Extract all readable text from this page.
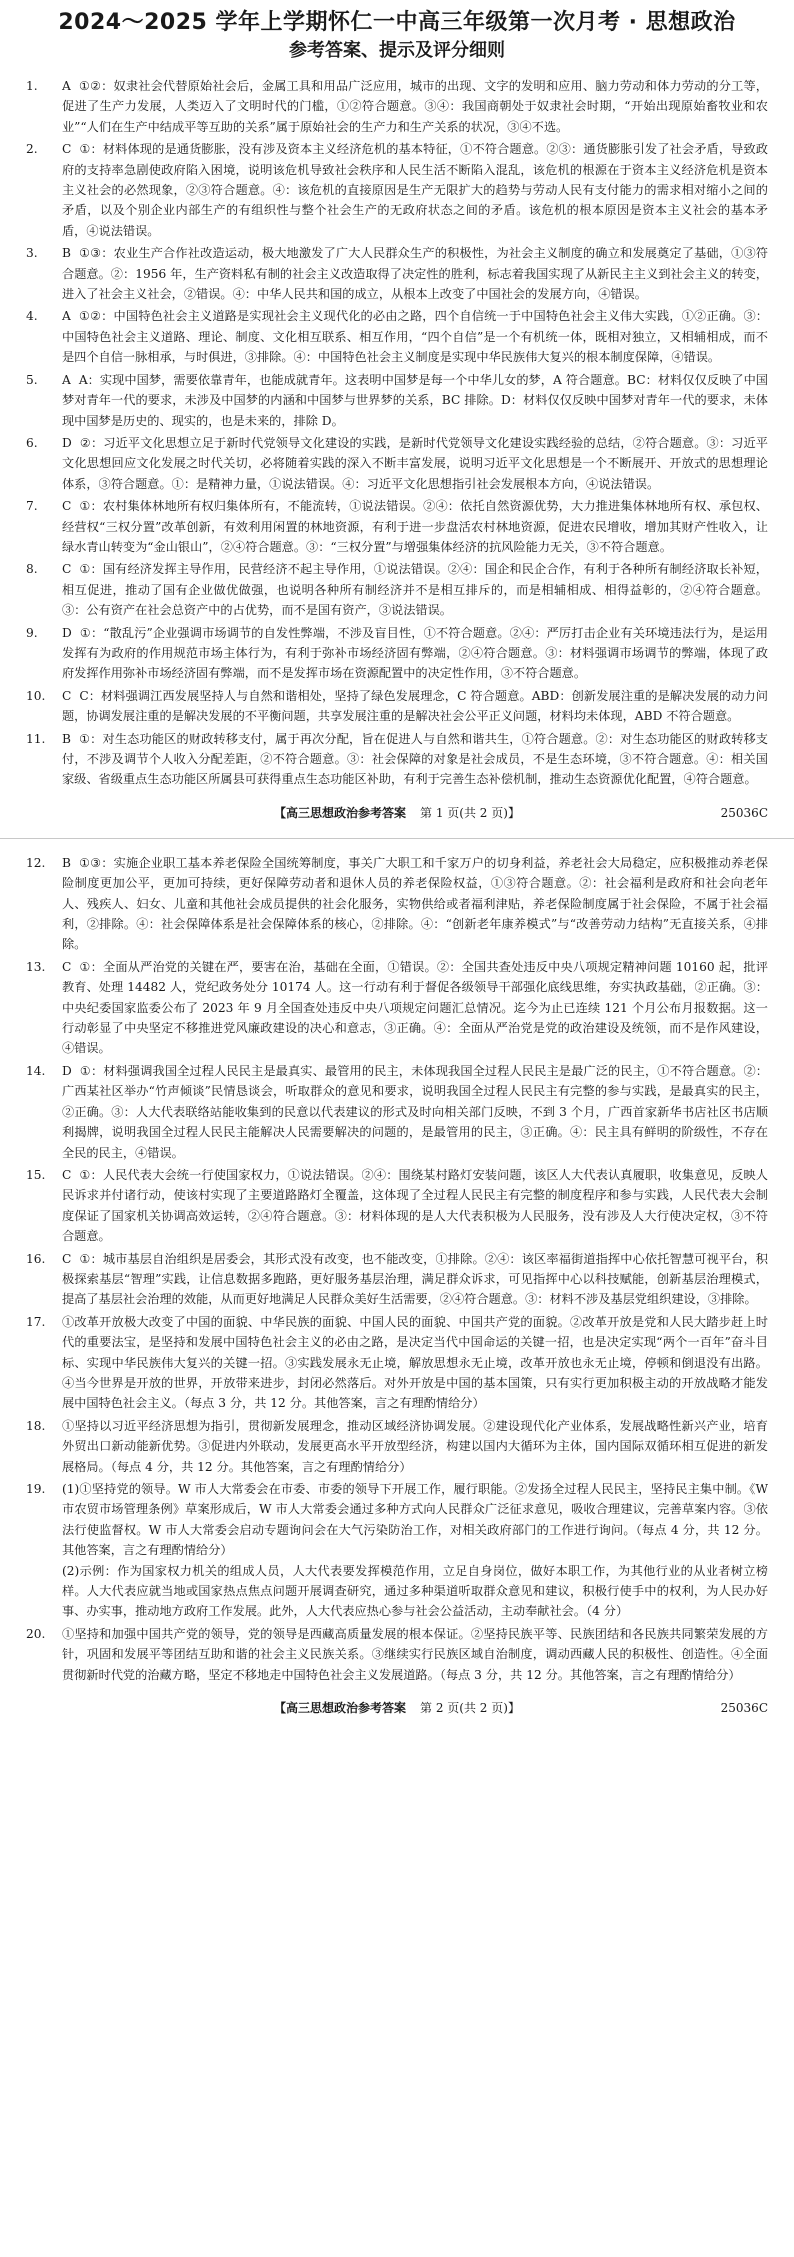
2024～2025 学年上学期怀仁一中高三年级第一次月考 · 思想政治
参考答案、提示及评分细则
1.	A ①②：奴隶社会代替原始社会后，金属工具和用品广泛应用，城市的出现、文字的发明和应用、脑力劳动和体力劳动的分工等，促进了生产力发展，人类迈入了文明时代的门槛，①②符合题意。③④：我国商朝处于奴隶社会时期，“开始出现原始畜牧业和农业”“人们在生产中结成平等互助的关系”属于原始社会的生产力和生产关系的状况，③④不选。
2.	C ①：材料体现的是通货膨胀，没有涉及资本主义经济危机的基本特征，①不符合题意。②③：通货膨胀引发了社会矛盾，导致政府的支持率急剧使政府陷入困境，说明该危机导致社会秩序和人民生活不断陷入混乱，该危机的根源在于资本主义经济危机是资本主义社会的必然现象，②③符合题意。④：该危机的直接原因是生产无限扩大的趋势与劳动人民有支付能力的需求相对缩小之间的矛盾，以及个别企业内部生产的有组织性与整个社会生产的无政府状态之间的矛盾。该危机的根本原因是资本主义社会的基本矛盾，④说法错误。
3.	B ①③：农业生产合作社改造运动，极大地激发了广大人民群众生产的积极性，为社会主义制度的确立和发展奠定了基础，①③符合题意。②：1956 年，生产资料私有制的社会主义改造取得了决定性的胜利，标志着我国实现了从新民主主义到社会主义的转变，进入了社会主义社会，②错误。④：中华人民共和国的成立，从根本上改变了中国社会的发展方向，④错误。
4.	A ①②：中国特色社会主义道路是实现社会主义现代化的必由之路，四个自信统一于中国特色社会主义伟大实践，①②正确。③：中国特色社会主义道路、理论、制度、文化相互联系、相互作用，“四个自信”是一个有机统一体，既相对独立，又相辅相成，而不是四个自信一脉相承，与时俱进，③排除。④：中国特色社会主义制度是实现中华民族伟大复兴的根本制度保障，④错误。
5.	A A：实现中国梦，需要依靠青年，也能成就青年。这表明中国梦是每一个中华儿女的梦，A 符合题意。BC：材料仅仅反映了中国梦对青年一代的要求，未涉及中国梦的内涵和中国梦与世界梦的关系，BC 排除。D：材料仅仅反映中国梦对青年一代的要求，未体现中国梦是历史的、现实的，也是未来的，排除 D。
6.	D ②：习近平文化思想立足于新时代党领导文化建设的实践，是新时代党领导文化建设实践经验的总结，②符合题意。③：习近平文化思想回应文化发展之时代关切，必将随着实践的深入不断丰富发展，说明习近平文化思想是一个不断展开、开放式的思想理论体系，③符合题意。①：是精神力量，①说法错误。④：习近平文化思想指引社会发展根本方向，④说法错误。
7.	C ①：农村集体林地所有权归集体所有，不能流转，①说法错误。②④：依托自然资源优势，大力推进集体林地所有权、承包权、经营权“三权分置”改革创新，有效利用闲置的林地资源，有利于进一步盘活农村林地资源，促进农民增收，增加其财产性收入，让绿水青山转变为“金山银山”，②④符合题意。③：“三权分置”与增强集体经济的抗风险能力无关，③不符合题意。
8.	C ①：国有经济发挥主导作用，民营经济不起主导作用，①说法错误。②④：国企和民企合作，有利于各种所有制经济取长补短，相互促进，推动了国有企业做优做强，也说明各种所有制经济并不是相互排斥的，而是相辅相成、相得益彰的，②④符合题意。③：公有资产在社会总资产中的占优势，而不是国有资产，③说法错误。
9.	D ①：“散乱污”企业强调市场调节的自发性弊端，不涉及盲目性，①不符合题意。②④：严厉打击企业有关环境违法行为，是运用发挥有为政府的作用规范市场主体行为，有利于弥补市场经济固有弊端，②④符合题意。③：材料强调市场调节的弊端，体现了政府发挥作用弥补市场经济固有弊端，而不是发挥市场在资源配置中的决定性作用，③不符合题意。
10.	C C：材料强调江西发展坚持人与自然和谐相处，坚持了绿色发展理念，C 符合题意。ABD：创新发展注重的是解决发展的动力问题，协调发展注重的是解决发展的不平衡问题，共享发展注重的是解决社会公平正义问题，材料均未体现，ABD 不符合题意。
11.	B ①：对生态功能区的财政转移支付，属于再次分配，旨在促进人与自然和谐共生，①符合题意。②：对生态功能区的财政转移支付，不涉及调节个人收入分配差距，②不符合题意。③：社会保障的对象是社会成员，不是生态环境，③不符合题意。④：相关国家级、省级重点生态功能区所属县可获得重点生态功能区补助，有利于完善生态补偿机制，推动生态资源优化配置，④符合题意。
【高三思想政治参考答案 第 1 页(共 2 页)】	25036C
12.	B ①③：实施企业职工基本养老保险全国统筹制度，事关广大职工和千家万户的切身利益，养老社会大局稳定，应积极推动养老保险制度更加公平，更加可持续，更好保障劳动者和退休人员的养老保险权益，①③符合题意。②：社会福利是政府和社会向老年人、残疾人、妇女、儿童和其他社会成员提供的社会化服务，实物供给或者福利津贴，养老保险制度属于社会保险，不属于社会福利，②排除。④：社会保障体系是社会保障体系的核心，②排除。④：“创新老年康养模式”与“改善劳动力结构”无直接关系，④排除。
13.	C ①：全面从严治党的关键在严，要害在治，基础在全面，①错误。②：全国共查处违反中央八项规定精神问题 10160 起，批评教育、处理 14482 人，党纪政务处分 10174 人。这一行动有利于督促各级领导干部强化底线思维，夯实执政基础，②正确。③：中央纪委国家监委公布了 2023 年 9 月全国查处违反中央八项规定问题汇总情况。迄今为止已连续 121 个月公布月报数据。这一行动彰显了中央坚定不移推进党风廉政建设的决心和意志，③正确。④：全面从严治党是党的政治建设及统领，而不是作风建设，④错误。
14.	D ①：材料强调我国全过程人民民主是最真实、最管用的民主，未体现我国全过程人民民主是最广泛的民主，①不符合题意。②：广西某社区举办“竹声倾谈”民情恳谈会，听取群众的意见和要求，说明我国全过程人民民主有完整的参与实践，是最真实的民主，②正确。③：人大代表联络站能收集到的民意以代表建议的形式及时向相关部门反映，不到 3 个月，广西首家新华书店社区书店顺利揭牌，说明我国全过程人民民主能解决人民需要解决的问题的，是最管用的民主，③正确。④：民主具有鲜明的阶级性，不存在全民的民主，④错误。
15.	C ①：人民代表大会统一行使国家权力，①说法错误。②④：围绕某村路灯安装问题，该区人大代表认真履职，收集意见，反映人民诉求并付诸行动，使该村实现了主要道路路灯全覆盖，这体现了全过程人民民主有完整的制度程序和参与实践，人民代表大会制度保证了国家机关协调高效运转，②④符合题意。③：材料体现的是人大代表积极为人民服务，没有涉及人大行使决定权，③不符合题意。
16.	C ①：城市基层自治组织是居委会，其形式没有改变，也不能改变，①排除。②④：该区率福街道指挥中心依托智慧可视平台，积极探索基层“智理”实践，让信息数据多跑路，更好服务基层治理，满足群众诉求，可见指挥中心以科技赋能，创新基层治理模式，提高了基层社会治理的效能，从而更好地满足人民群众美好生活需要，②④符合题意。③：材料不涉及基层党组织建设，③排除。
17.	①改革开放极大改变了中国的面貌、中华民族的面貌、中国人民的面貌、中国共产党的面貌。②改革开放是党和人民大踏步赶上时代的重要法宝，是坚持和发展中国特色社会主义的必由之路，是决定当代中国命运的关键一招，也是决定实现“两个一百年”奋斗目标、实现中华民族伟大复兴的关键一招。③实践发展永无止境，解放思想永无止境，改革开放也永无止境，停顿和倒退没有出路。④当今世界是开放的世界，开放带来进步，封闭必然落后。对外开放是中国的基本国策，只有实行更加积极主动的开放战略才能发展中国特色社会主义。（每点 3 分，共 12 分。其他答案，言之有理酌情给分）
18.	①坚持以习近平经济思想为指引，贯彻新发展理念，推动区域经济协调发展。②建设现代化产业体系，发展战略性新兴产业，培育外贸出口新动能新优势。③促进内外联动，发展更高水平开放型经济，构建以国内大循环为主体，国内国际双循环相互促进的新发展格局。（每点 4 分，共 12 分。其他答案，言之有理酌情给分）
19.	(1)①坚持党的领导。W 市人大常委会在市委、市委的领导下开展工作，履行职能。②发扬全过程人民民主，坚持民主集中制。《W 市农贸市场管理条例》草案形成后，W 市人大常委会通过多种方式向人民群众广泛征求意见，吸收合理建议，完善草案内容。③依法行使监督权。W 市人大常委会启动专题询问会在大气污染防治工作，对相关政府部门的工作进行询问。（每点 4 分，共 12 分。其他答案，言之有理酌情给分）
(2)示例：作为国家权力机关的组成人员，人大代表要发挥模范作用，立足自身岗位，做好本职工作，为其他行业的从业者树立榜样。人大代表应就当地或国家热点焦点问题开展调查研究，通过多种渠道听取群众意见和建议，积极行使手中的权利，为人民办好事、办实事，推动地方政府工作发展。此外，人大代表应热心参与社会公益活动，主动奉献社会。（4 分）
20.	①坚持和加强中国共产党的领导，党的领导是西藏高质量发展的根本保证。②坚持民族平等、民族团结和各民族共同繁荣发展的方针，巩固和发展平等团结互助和谐的社会主义民族关系。③继续实行民族区域自治制度，调动西藏人民的积极性、创造性。④全面贯彻新时代党的治藏方略，坚定不移地走中国特色社会主义发展道路。（每点 3 分，共 12 分。其他答案，言之有理酌情给分）
【高三思想政治参考答案 第 2 页(共 2 页)】	25036C
